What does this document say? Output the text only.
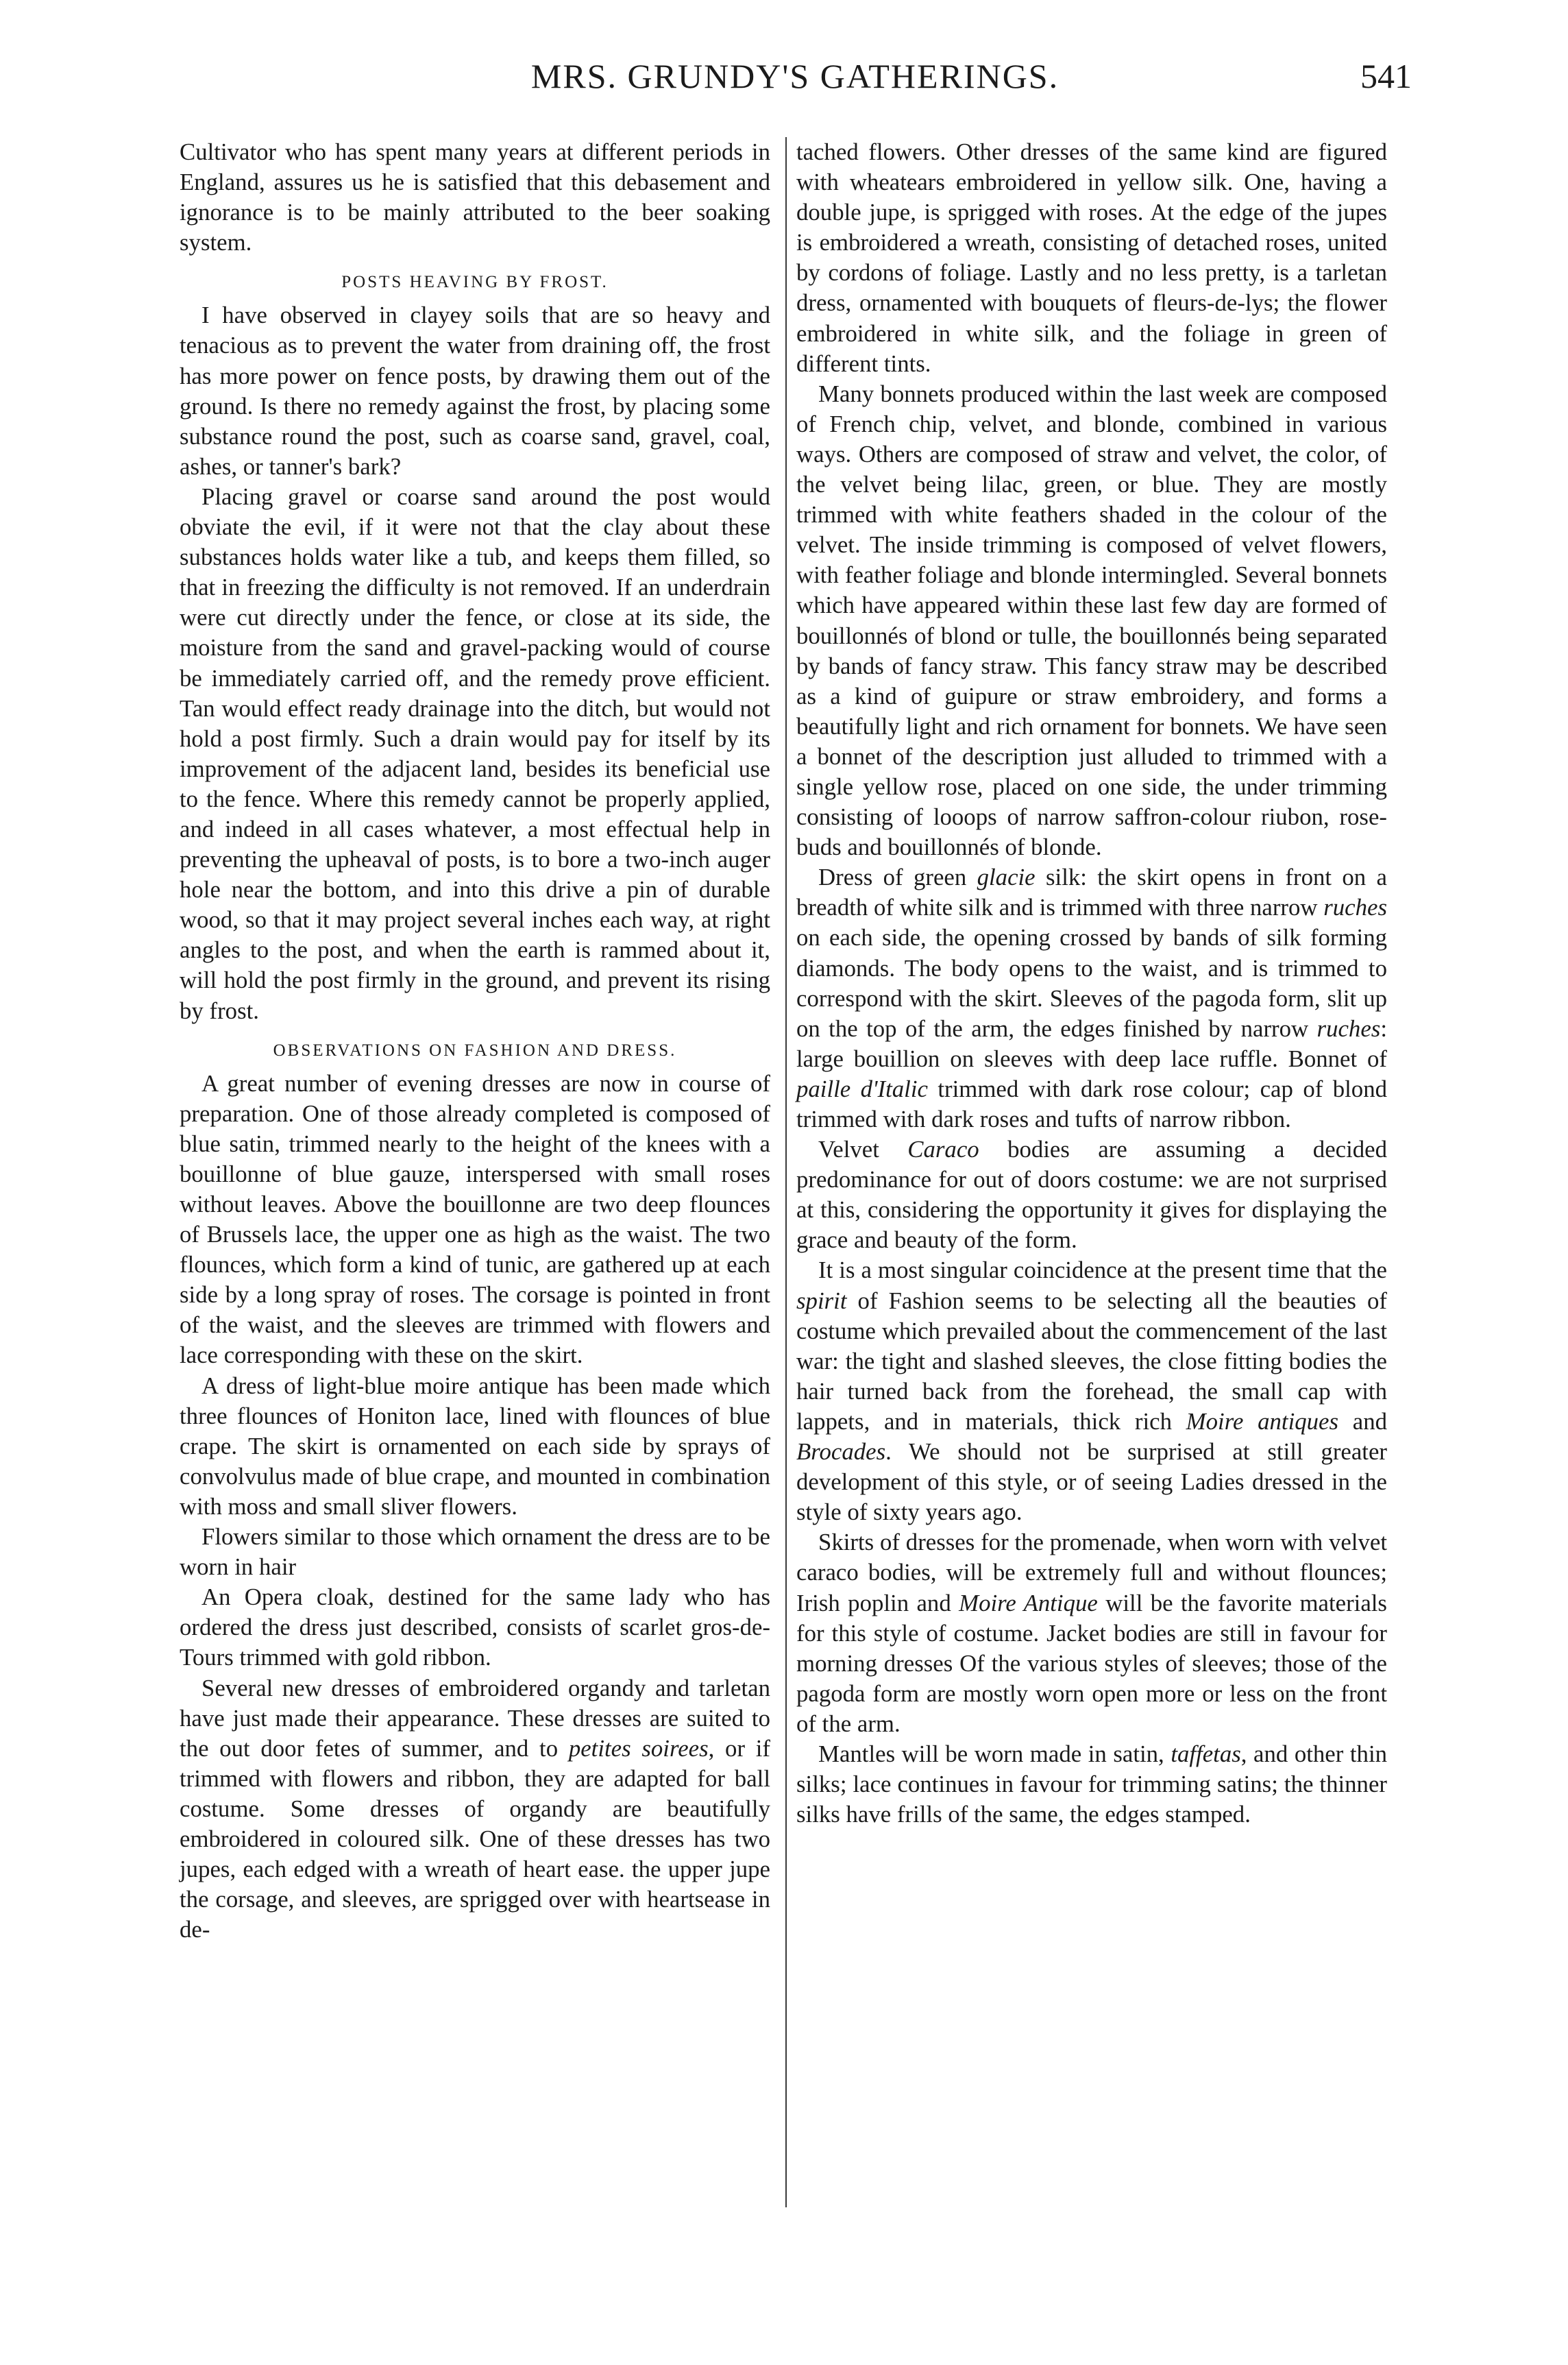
MRS. GRUNDY'S GATHERINGS.	541

Cultivator who has spent many years at different periods in England, assures us he is satisfied that this debasement and ignorance is to be mainly attributed to the beer soaking system.

POSTS HEAVING BY FROST.

I have observed in clayey soils that are so heavy and tenacious as to prevent the water from draining off, the frost has more power on fence posts, by drawing them out of the ground. Is there no remedy against the frost, by placing some substance round the post, such as coarse sand, gravel, coal, ashes, or tanner's bark?

Placing gravel or coarse sand around the post would obviate the evil, if it were not that the clay about these substances holds water like a tub, and keeps them filled, so that in freezing the difficulty is not removed. If an underdrain were cut directly under the fence, or close at its side, the moisture from the sand and gravel-packing would of course be immediately carried off, and the remedy prove efficient. Tan would effect ready drainage into the ditch, but would not hold a post firmly. Such a drain would pay for itself by its improvement of the adjacent land, besides its beneficial use to the fence. Where this remedy cannot be properly applied, and indeed in all cases whatever, a most effectual help in preventing the upheaval of posts, is to bore a two-inch auger hole near the bottom, and into this drive a pin of durable wood, so that it may project several inches each way, at right angles to the post, and when the earth is rammed about it, will hold the post firmly in the ground, and prevent its rising by frost.

OBSERVATIONS ON FASHION AND DRESS.

A great number of evening dresses are now in course of preparation. One of those already completed is composed of blue satin, trimmed nearly to the height of the knees with a bouillonne of blue gauze, interspersed with small roses without leaves. Above the bouillonne are two deep flounces of Brussels lace, the upper one as high as the waist. The two flounces, which form a kind of tunic, are gathered up at each side by a long spray of roses. The corsage is pointed in front of the waist, and the sleeves are trimmed with flowers and lace corresponding with these on the skirt.

A dress of light-blue moire antique has been made which three flounces of Honiton lace, lined with flounces of blue crape. The skirt is ornamented on each side by sprays of convolvulus made of blue crape, and mounted in combination with moss and small sliver flowers.

Flowers similar to those which ornament the dress are to be worn in hair

An Opera cloak, destined for the same lady who has ordered the dress just described, consists of scarlet gros-de-Tours trimmed with gold ribbon.

Several new dresses of embroidered organdy and tarletan have just made their appearance. These dresses are suited to the out door fetes of summer, and to petites soirees, or if trimmed with flowers and ribbon, they are adapted for ball costume. Some dresses of organdy are beautifully embroidered in coloured silk. One of these dresses has two jupes, each edged with a wreath of heart ease. the upper jupe the corsage, and sleeves, are sprigged over with heartsease in de-

tached flowers. Other dresses of the same kind are figured with wheatears embroidered in yellow silk. One, having a double jupe, is sprigged with roses. At the edge of the jupes is embroidered a wreath, consisting of detached roses, united by cordons of foliage. Lastly and no less pretty, is a tarletan dress, ornamented with bouquets of fleurs-de-lys; the flower embroidered in white silk, and the foliage in green of different tints.

Many bonnets produced within the last week are composed of French chip, velvet, and blonde, combined in various ways. Others are composed of straw and velvet, the color, of the velvet being lilac, green, or blue. They are mostly trimmed with white feathers shaded in the colour of the velvet. The inside trimming is composed of velvet flowers, with feather foliage and blonde intermingled. Several bonnets which have appeared within these last few day are formed of bouillonnés of blond or tulle, the bouillonnés being separated by bands of fancy straw. This fancy straw may be described as a kind of guipure or straw embroidery, and forms a beautifully light and rich ornament for bonnets. We have seen a bonnet of the description just alluded to trimmed with a single yellow rose, placed on one side, the under trimming consisting of looops of narrow saffron-colour riubon, rose-buds and bouillonnés of blonde.

Dress of green glacie silk: the skirt opens in front on a breadth of white silk and is trimmed with three narrow ruches on each side, the opening crossed by bands of silk forming diamonds. The body opens to the waist, and is trimmed to correspond with the skirt. Sleeves of the pagoda form, slit up on the top of the arm, the edges finished by narrow ruches: large bouillion on sleeves with deep lace ruffle. Bonnet of paille d'Italic trimmed with dark rose colour; cap of blond trimmed with dark roses and tufts of narrow ribbon.

Velvet Caraco bodies are assuming a decided predominance for out of doors costume: we are not surprised at this, considering the opportunity it gives for displaying the grace and beauty of the form.

It is a most singular coincidence at the present time that the spirit of Fashion seems to be selecting all the beauties of costume which prevailed about the commencement of the last war: the tight and slashed sleeves, the close fitting bodies the hair turned back from the forehead, the small cap with lappets, and in materials, thick rich Moire antiques and Brocades. We should not be surprised at still greater development of this style, or of seeing Ladies dressed in the style of sixty years ago.

Skirts of dresses for the promenade, when worn with velvet caraco bodies, will be extremely full and without flounces; Irish poplin and Moire Antique will be the favorite materials for this style of costume. Jacket bodies are still in favour for morning dresses Of the various styles of sleeves; those of the pagoda form are mostly worn open more or less on the front of the arm.

Mantles will be worn made in satin, taffetas, and other thin silks; lace continues in favour for trimming satins; the thinner silks have frills of the same, the edges stamped.
